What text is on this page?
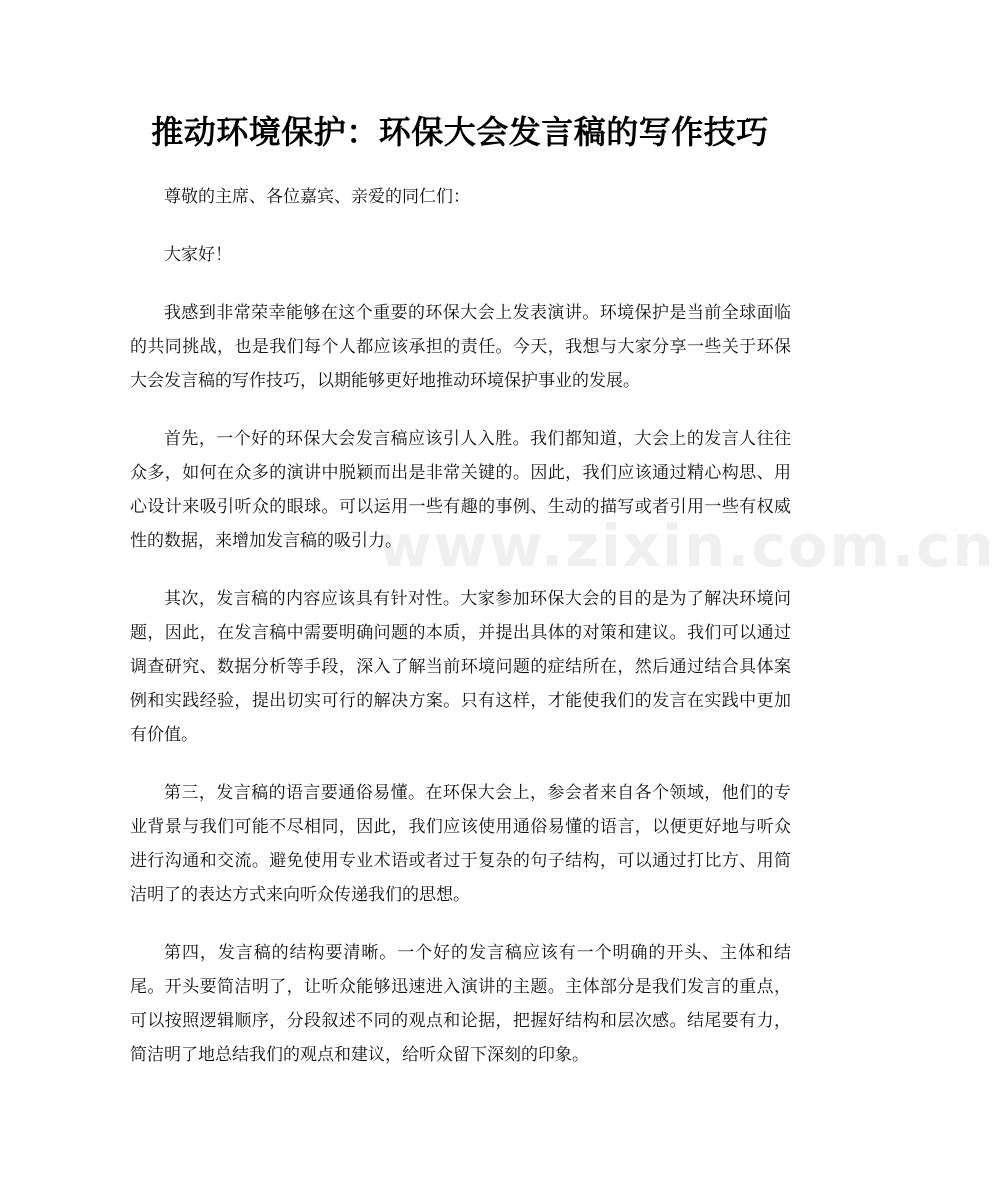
推动环境保护：环保大会发言稿的写作技巧

尊敬的主席、各位嘉宾、亲爱的同仁们：

大家好！

我感到非常荣幸能够在这个重要的环保大会上发表演讲。环境保护是当前全球面临的共同挑战，也是我们每个人都应该承担的责任。今天，我想与大家分享一些关于环保大会发言稿的写作技巧，以期能够更好地推动环境保护事业的发展。

首先，一个好的环保大会发言稿应该引人入胜。我们都知道，大会上的发言人往往众多，如何在众多的演讲中脱颖而出是非常关键的。因此，我们应该通过精心构思、用心设计来吸引听众的眼球。可以运用一些有趣的事例、生动的描写或者引用一些有权威性的数据，来增加发言稿的吸引力。

其次，发言稿的内容应该具有针对性。大家参加环保大会的目的是为了解决环境问题，因此，在发言稿中需要明确问题的本质，并提出具体的对策和建议。我们可以通过调查研究、数据分析等手段，深入了解当前环境问题的症结所在，然后通过结合具体案例和实践经验，提出切实可行的解决方案。只有这样，才能使我们的发言在实践中更加有价值。

第三，发言稿的语言要通俗易懂。在环保大会上，参会者来自各个领域，他们的专业背景与我们可能不尽相同，因此，我们应该使用通俗易懂的语言，以便更好地与听众进行沟通和交流。避免使用专业术语或者过于复杂的句子结构，可以通过打比方、用简洁明了的表达方式来向听众传递我们的思想。

第四，发言稿的结构要清晰。一个好的发言稿应该有一个明确的开头、主体和结尾。开头要简洁明了，让听众能够迅速进入演讲的主题。主体部分是我们发言的重点，可以按照逻辑顺序，分段叙述不同的观点和论据，把握好结构和层次感。结尾要有力，简洁明了地总结我们的观点和建议，给听众留下深刻的印象。

www.zixin.com.cn
